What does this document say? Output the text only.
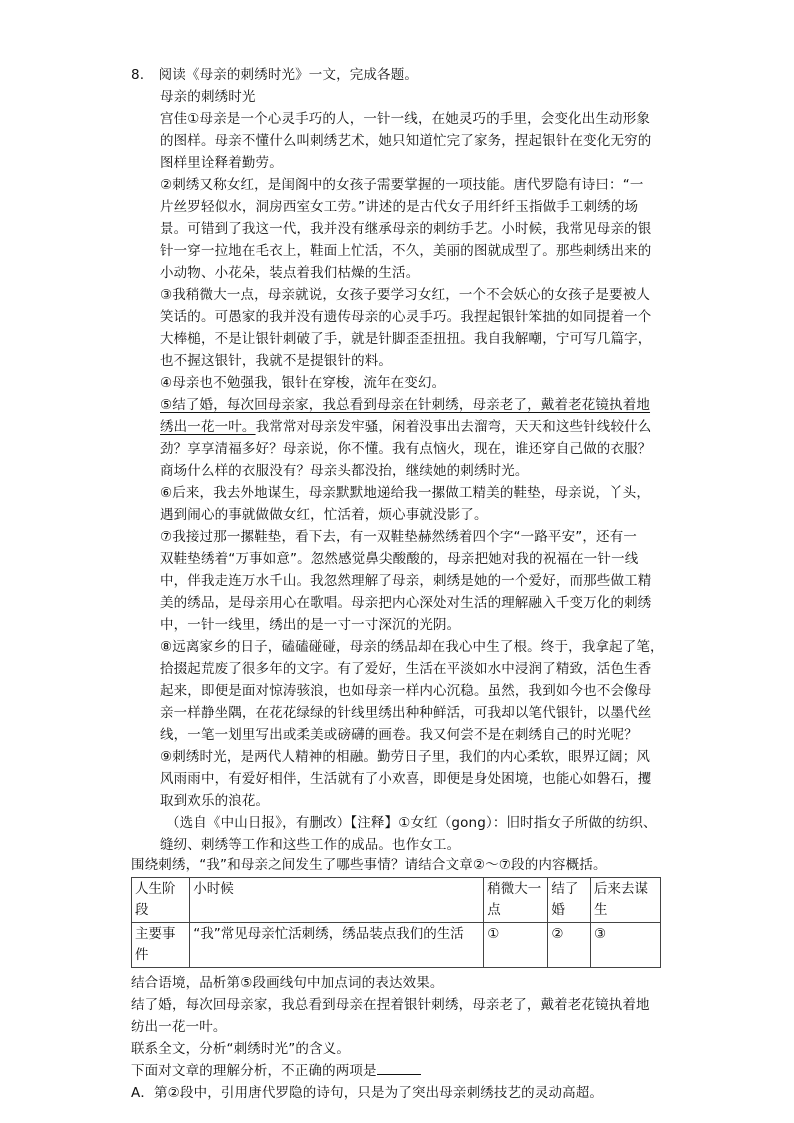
8. 阅读《母亲的刺绣时光》一文，完成各题。
母亲的刺绣时光
宫佳①母亲是一个心灵手巧的人，一针一线，在她灵巧的手里，会变化出生动形象
的图样。母亲不懂什么叫刺绣艺术，她只知道忙完了家务，捏起银针在变化无穷的
图样里诠释着勤劳。
②刺绣又称女红，是闺阁中的女孩子需要掌握的一项技能。唐代罗隐有诗曰：“一
片丝罗轻似水，洞房西室女工劳。”讲述的是古代女子用纤纤玉指做手工刺绣的场
景。可错到了我这一代，我并没有继承母亲的刺纺手艺。小时候，我常见母亲的银
针一穿一拉地在毛衣上，鞋面上忙活，不久，美丽的图就成型了。那些刺绣出来的
小动物、小花朵，装点着我们枯燥的生活。
③我稍微大一点，母亲就说，女孩子要学习女红，一个不会妖心的女孩子是要被人
笑话的。可愚家的我并没有遗传母亲的心灵手巧。我捏起银针笨拙的如同提着一个
大棒槌，不是让银针刺破了手，就是针脚歪歪扭扭。我自我解嘲，宁可写几篇字，
也不握这银针，我就不是提银针的料。
④母亲也不勉强我，银针在穿梭，流年在变幻。
⑤结了婚，每次回母亲家，我总看到母亲在针刺绣，母亲老了，戴着老花镜执着地
绣出一花一叶。我常常对母亲发牢骚，闲着没事出去溜弯，天天和这些针线较什么
劲？享享清福多好？母亲说，你不懂。我有点恼火，现在，谁还穿自己做的衣服？
商场什么样的衣服没有？母亲头都没抬，继续她的刺绣时光。
⑥后来，我去外地谋生，母亲默默地递给我一摞做工精美的鞋垫，母亲说，丫头，
遇到闹心的事就做做女红，忙活着，烦心事就没影了。
⑦我接过那一摞鞋垫，看下去，有一双鞋垫赫然绣着四个字“一路平安”，还有一
双鞋垫绣着“万事如意”。忽然感觉鼻尖酸酸的，母亲把她对我的祝福在一针一线
中，伴我走连万水千山。我忽然理解了母亲，刺绣是她的一个爱好，而那些做工精
美的绣品，是母亲用心在歌唱。母亲把内心深处对生活的理解融入千变万化的刺绣
中，一针一线里，绣出的是一寸一寸深沉的光阴。
⑧远离家乡的日子，磕磕碰碰，母亲的绣品却在我心中生了根。终于，我拿起了笔，
拾掇起荒废了很多年的文字。有了爱好，生活在平淡如水中浸润了精致，活色生香
起来，即便是面对惊涛骇浪，也如母亲一样内心沉稳。虽然，我到如今也不会像母
亲一样静坐隅，在花花绿绿的针线里绣出种种鲜活，可我却以笔代银针，以墨代丝
线，一笔一划里写出或柔美或磅礴的画卷。我又何尝不是在刺绣自己的时光呢？
⑨刺绣时光，是两代人精神的相融。勤劳日子里，我们的内心柔软，眼界辽阔；风
风雨雨中，有爱好相伴，生活就有了小欢喜，即便是身处困境，也能心如磐石，攫
取到欢乐的浪花。
（选自《中山日报》，有删改）【注释】①女红（gong）：旧时指女子所做的纺织、
缝纫、刺绣等工作和这些工作的成品。也作女工。
围绕刺绣，“我”和母亲之间发生了哪些事情？请结合文章②～⑦段的内容概括。
人生阶段	小时候	稍微大一点	结了婚	后来去谋生
主要事件	“我”常见母亲忙活刺绣，绣品装点我们的生活	①	②	③
结合语境，品析第⑤段画线句中加点词的表达效果。
结了婚，每次回母亲家，我总看到母亲在捏着银针刺绣，母亲老了，戴着老花镜执着地
纺出一花一叶。
联系全文，分析“刺绣时光”的含义。
下面对文章的理解分析，不正确的两项是
A．第②段中，引用唐代罗隐的诗句，只是为了突出母亲刺绣技艺的灵动高超。
